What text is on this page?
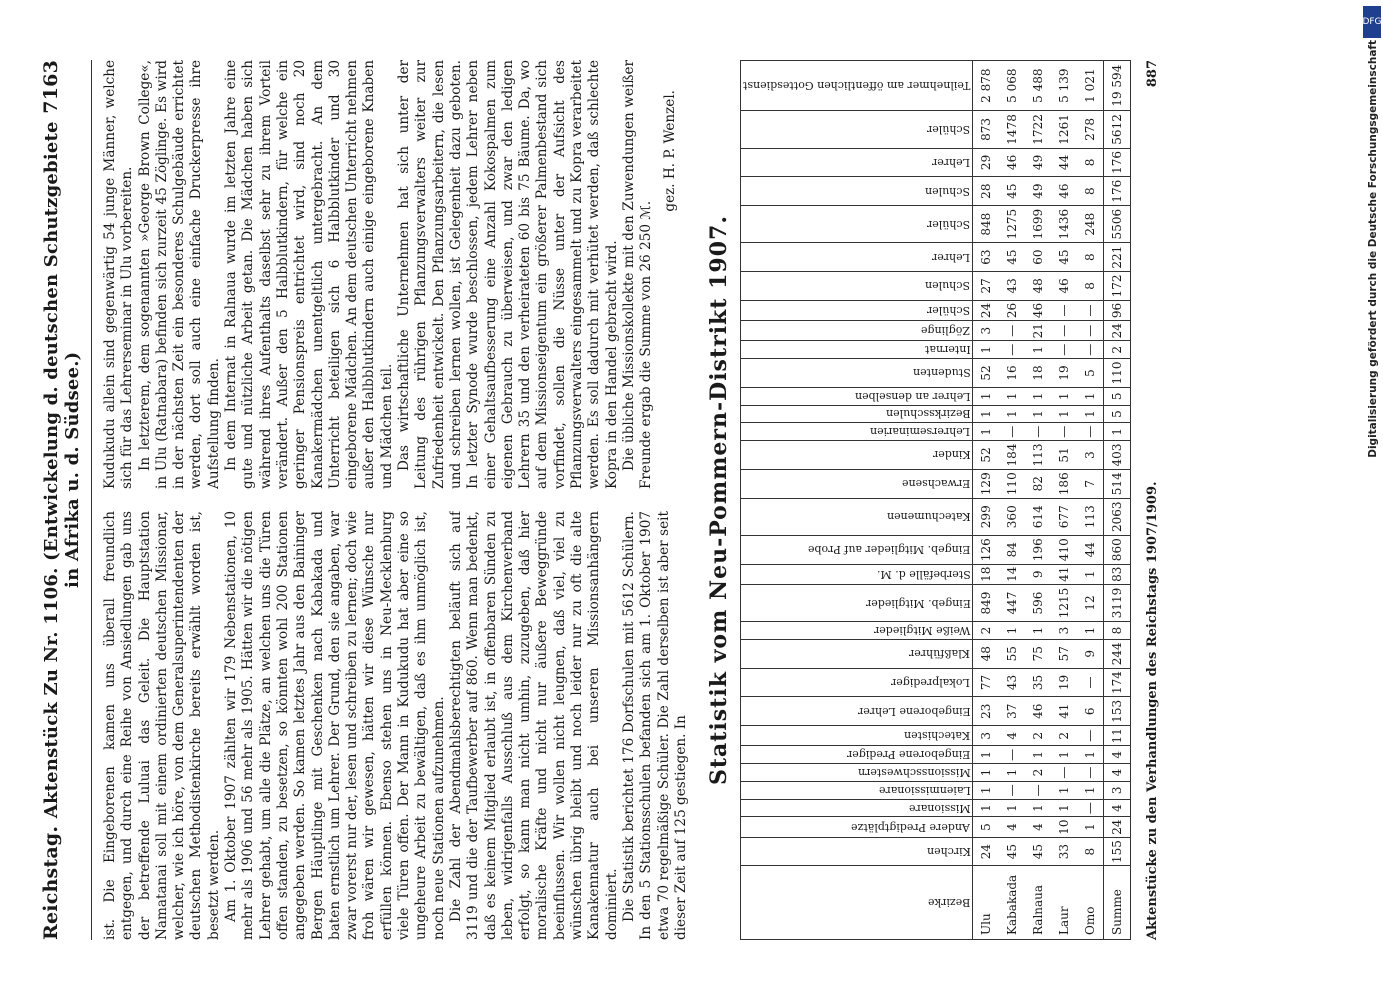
Reichstag.
Aktenstück Zu Nr. 1106. (Entwickelung d. deutschen Schutzgebiete in Afrika u. d. Südsee.)
7163

ist. Die Eingeborenen kamen uns überall freundlich entgegen, und durch eine Reihe von Ansiedlungen gab uns der betreffende Luluai das Geleit. Die Hauptstation Namatanai soll mit einem ordinierten deutschen Missionar, welcher, wie ich höre, von dem Generalsuperintendenten der deutschen Methodistenkirche bereits erwählt worden ist, besetzt werden. Am 1. Oktober 1907 zählten wir 179 Nebenstationen, 10 mehr als 1906 und 56 mehr als 1905. Hätten wir die nötigen Lehrer gehabt, um alle die Plätze, an welchen uns die Türen offen standen, zu besetzen, so könnten wohl 200 Stationen angegeben werden. So kamen letztes Jahr aus den Baininger Bergen Häuptlinge mit Geschenken nach Kabakada und baten ernstlich um Lehrer. Der Grund, den sie angaben, war zwar vorerst nur der, lesen und schreiben zu lernen; doch wie froh wären wir gewesen, hätten wir diese Wünsche nur erfüllen können. Ebenso stehen uns in Neu-Mecklenburg viele Türen offen. Der Mann in Kudukudu hat aber eine so ungeheure Arbeit zu bewältigen, daß es ihm unmöglich ist, noch neue Stationen aufzunehmen. Die Zahl der Abendmahlsberechtigten beläuft sich auf 3119 und die der Taufbewerber auf 860. Wenn man bedenkt, daß es keinem Mitglied erlaubt ist, in offenbaren Sünden zu leben, widrigenfalls Ausschluß aus dem Kirchenverband erfolgt, so kann man nicht umhin, zuzugeben, daß hier moralische Kräfte und nicht nur äußere Beweggründe beeinflussen. Wir wollen nicht leugnen, daß viel, viel zu wünschen übrig bleibt und noch leider nur zu oft die alte Kanakennatur auch bei unseren Missionsanhängern dominiert. Die Statistik berichtet 176 Dorfschulen mit 5612 Schülern. In den 5 Stationsschulen befanden sich am 1. Oktober 1907 etwa 70 regelmäßige Schüler. Die Zahl derselben ist aber seit dieser Zeit auf 125 gestiegen. In

Kudukudu allein sind gegenwärtig 54 junge Männer, welche sich für das Lehrerseminar in Ulu vorbereiten. In letzterem, dem sogenannten »George Brown College«, in Ulu (Ratnabara) befinden sich zurzeit 45 Zöglinge. Es wird in der nächsten Zeit ein besonderes Schulgebäude errichtet werden, dort soll auch eine einfache Druckerpresse ihre Aufstellung finden. In dem Internat in Ralnaua wurde im letzten Jahre eine gute und nützliche Arbeit getan. Die Mädchen haben sich während ihres Aufenthalts daselbst sehr zu ihrem Vorteil verändert. Außer den 5 Halbblutkindern, für welche ein geringer Pensionspreis entrichtet wird, sind noch 20 Kanakermädchen unentgeltlich untergebracht. An dem Unterricht beteiligen sich 6 Halbblutkinder und 30 eingeborene Mädchen. An dem deutschen Unterricht nehmen außer den Halbblutkindern auch einige eingeborene Knaben und Mädchen teil. Das wirtschaftliche Unternehmen hat sich unter der Leitung des rührigen Pflanzungsverwalters weiter zur Zufriedenheit entwickelt. Den Pflanzungsarbeitern, die lesen und schreiben lernen wollen, ist Gelegenheit dazu geboten. In letzter Synode wurde beschlossen, jedem Lehrer neben einer Gehaltsaufbesserung eine Anzahl Kokospalmen zum eigenen Gebrauch zu überweisen, und zwar den ledigen Lehrern 35 und den verheirateten 60 bis 75 Bäume. Da, wo auf dem Missionseigentum ein größerer Palmenbestand sich vorfindet, sollen die Nüsse unter der Aufsicht des Pflanzungsverwalters eingesammelt und zu Kopra verarbeitet werden. Es soll dadurch mit verhütet werden, daß schlechte Kopra in den Handel gebracht wird. Die übliche Missionskollekte mit den Zuwendungen weißer Freunde ergab die Summe von 26 250 ℳ.

gez. H. P. Wenzel.
Statistik vom Neu-Pommern-Distrikt 1907.
Bezirke	Kirchen	Andere Predigtplätze	Missionare	Laienmissionare	Missionsschwestern	Eingeborene Prediger	Katechisten	Eingeborene Lehrer	Lokalprediger	Klaßführer	Weiße Mitglieder	Eingeb. Mitglieder	Sterbefälle d. M.	Eingeb. Mitglieder auf Probe	Katechumenen	Erwachsene	Kinder	Lehrerseminarien	Bezirksschulen	Lehrer an denselben	Studenten	Internat	Zöglinge	Schüler	Schulen	Lehrer	Schüler	Schulen	Lehrer	Schüler	Teilnehmer am öffentlichen Gottesdienst

Ulu	24	5	1	1	1	1	3	23	77	48	2	849	18	126	299	129	52	1	1	1	52	1	3	24	27	63	848	28	29	873	2 878
Kabakada	45	4	1	—	1	—	4	37	43	55	1	447	14	84	360	110	184	—	1	1	16	—	—	26	43	45	1275	45	46	1478	5 068
Ralnaua	45	4	1	—	2	1	2	46	35	75	1	596	9	196	614	82	113	—	1	1	18	1	21	46	48	60	1699	49	49	1722	5 488
Laur	33	10	1	1	—	1	2	41	19	57	3	1215	41	410	677	186	51	—	1	1	19	—	—	—	46	45	1436	46	44	1261	5 139
Omo	8	1	—	1	—	1	—	6	—	9	1	12	1	44	113	7	3	—	1	1	5	—	—	—	8	8	248	8	8	278	1 021
Summe	155	24	4	3	4	4	11	153	174	244	8	3119	83	860	2063	514	403	1	5	5	110	2	24	96	172	221	5506	176	176	5612	19 594
Aktenstücke zu den Verhandlungen des Reichstags 1907/1909.
887
DFG
Digitalisierung gefördert durch die Deutsche Forschungsgemeinschaft
